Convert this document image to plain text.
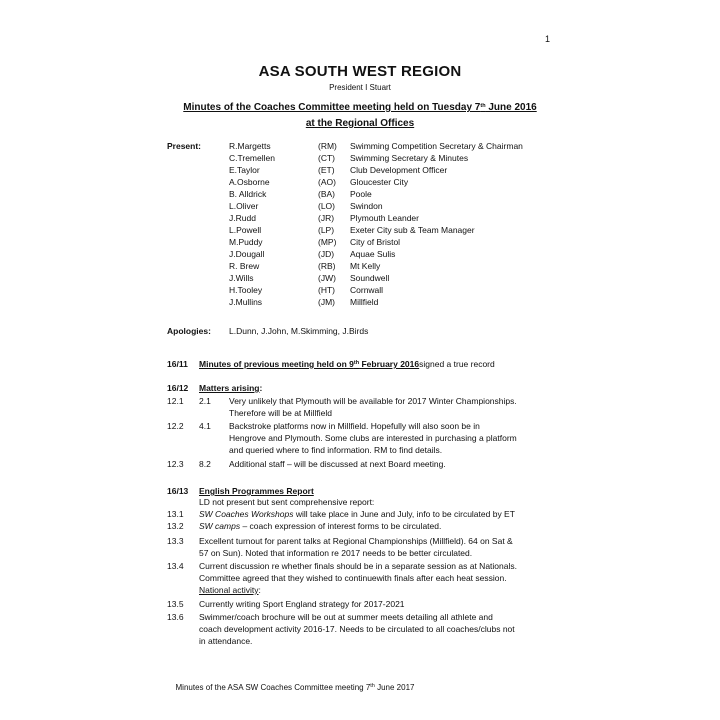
1
ASA SOUTH WEST REGION
President I Stuart
Minutes of the Coaches Committee meeting held on Tuesday 7th June 2016
at the Regional Offices
Present:	R.Margetts	(RM) Swimming Competition Secretary & Chairman
C.Tremellen	(CT) Swimming Secretary & Minutes
E.Taylor	(ET) Club Development Officer
A.Osborne	(AO) Gloucester City
B. Alldrick	(BA) Poole
L.Oliver	(LO) Swindon
J.Rudd	(JR) Plymouth Leander
L.Powell	(LP) Exeter City sub & Team Manager
M.Puddy	(MP) City of Bristol
J.Dougall	(JD) Aquae Sulis
R. Brew	(RB) Mt Kelly
J.Wills	(JW) Soundwell
H.Tooley	(HT) Cornwall
J.Mullins	(JM) Millfield
Apologies: L.Dunn, J.John, M.Skimming, J.Birds
16/11 Minutes of previous meeting held on 9th February 2016signed a true record
16/12 Matters arising:
12.1 2.1 Very unlikely that Plymouth will be available for 2017 Winter Championships.
Therefore will be at Millfield
12.2 4.1 Backstroke platforms now in Millfield. Hopefully will also soon be in
Hengrove and Plymouth. Some clubs are interested in purchasing a platform
and queried where to find information. RM to find details.
12.3 8.2 Additional staff – will be discussed at next Board meeting.
16/13 English Programmes Report
LD not present but sent comprehensive report:
13.1 SW Coaches Workshops will take place in June and July, info to be circulated by ET
13.2 SW camps – coach expression of interest forms to be circulated.
13.3 Excellent turnout for parent talks at Regional Championships (Millfield). 64 on Sat &
57 on Sun). Noted that information re 2017 needs to be better circulated.
13.4 Current discussion re whether finals should be in a separate session as at Nationals.
Committee agreed that they wished to continuewith finals after each heat session.
National activity:
13.5 Currently writing Sport England strategy for 2017-2021
13.6 Swimmer/coach brochure will be out at summer meets detailing all athlete and
coach development activity 2016-17. Needs to be circulated to all coaches/clubs not
in attendance.
Minutes of the ASA SW Coaches Committee meeting 7th June 2017
